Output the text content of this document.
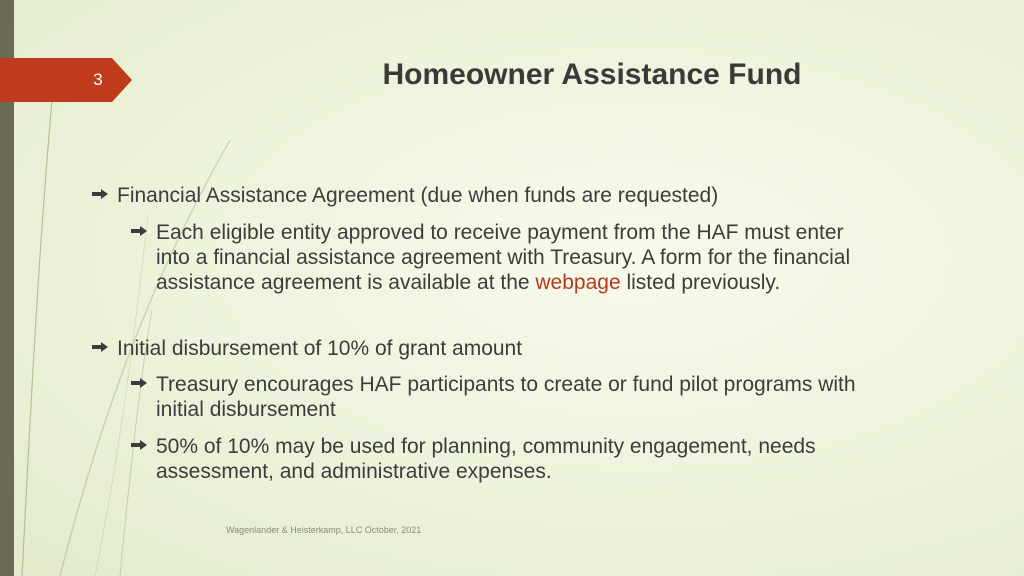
3	Homeowner Assistance Fund
Financial Assistance Agreement (due when funds are requested)
Each eligible entity approved to receive payment from the HAF must enter
into a financial assistance agreement with Treasury. A form for the financial
assistance agreement is available at the webpage listed previously.
Initial disbursement of 10% of grant amount
Treasury encourages HAF participants to create or fund pilot programs with
initial disbursement
50% of 10% may be used for planning, community engagement, needs
assessment, and administrative expenses.
Wagenlander & Heisterkamp, LLC October, 2021
